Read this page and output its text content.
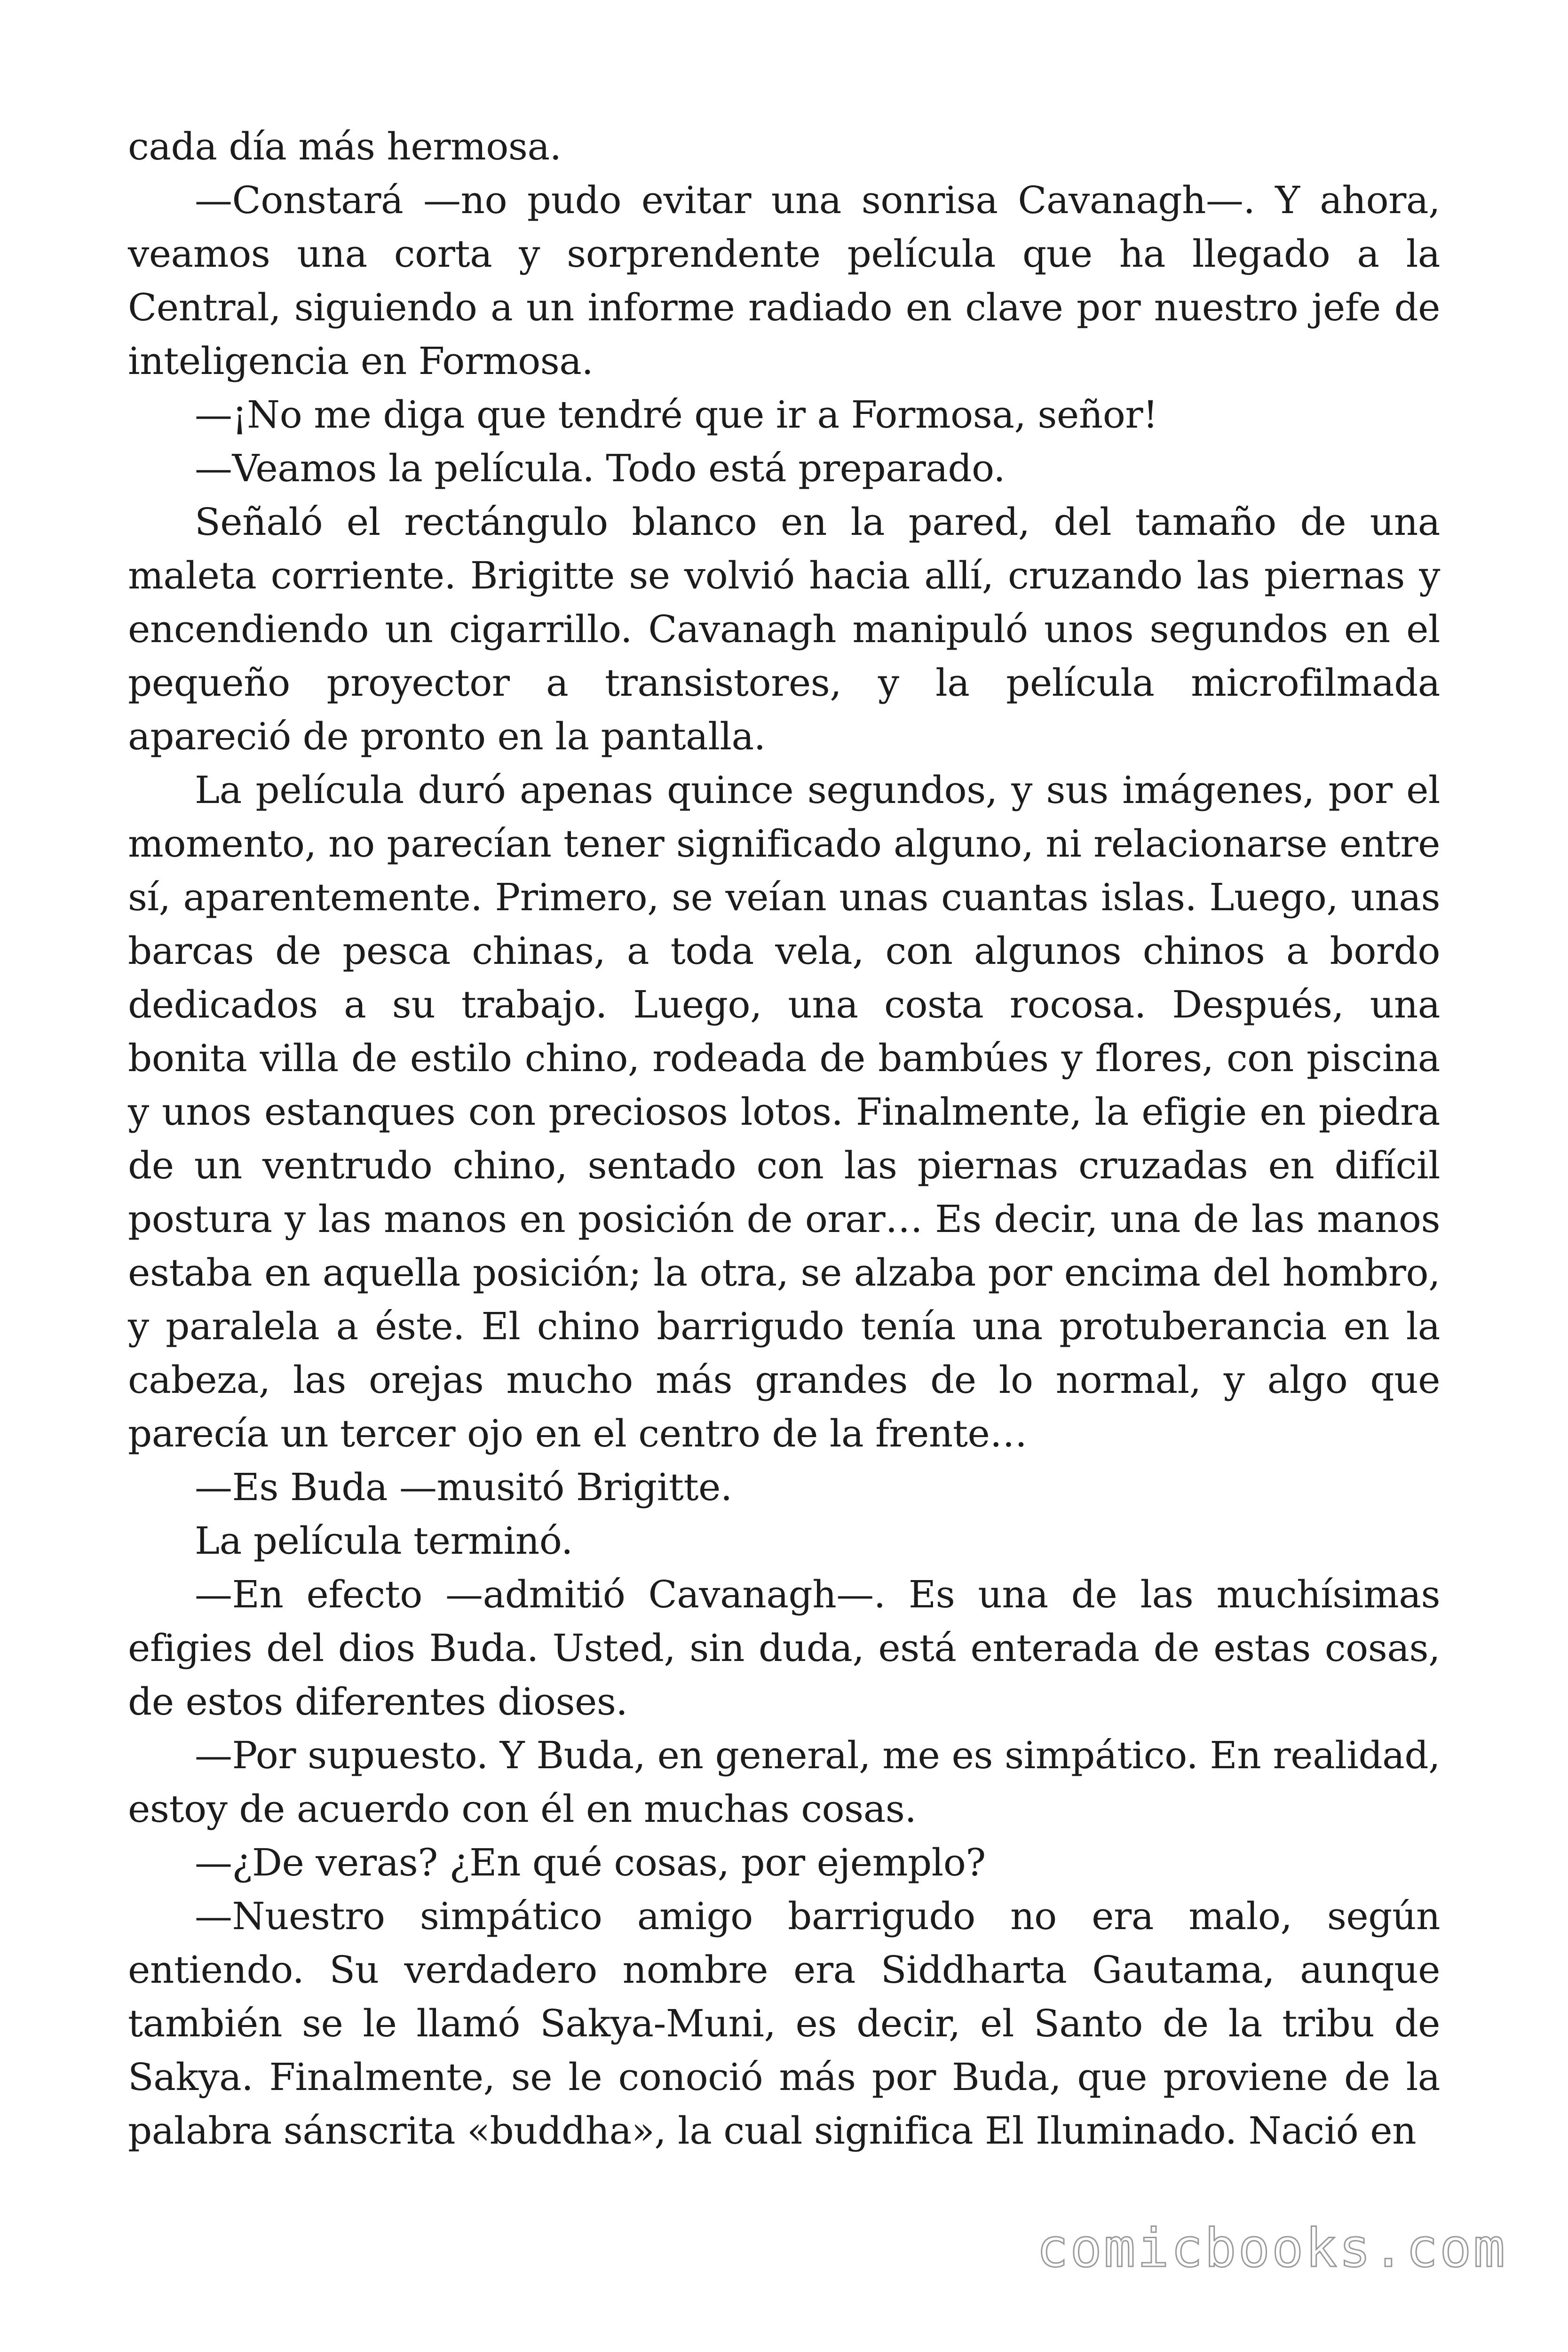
cada día más hermosa.

—Constará —no pudo evitar una sonrisa Cavanagh—. Y ahora, veamos una corta y sorprendente película que ha llegado a la Central, siguiendo a un informe radiado en clave por nuestro jefe de inteligencia en Formosa.

—¡No me diga que tendré que ir a Formosa, señor!

—Veamos la película. Todo está preparado.

Señaló el rectángulo blanco en la pared, del tamaño de una maleta corriente. Brigitte se volvió hacia allí, cruzando las piernas y encendiendo un cigarrillo. Cavanagh manipuló unos segundos en el pequeño proyector a transistores, y la película microfilmada apareció de pronto en la pantalla.

La película duró apenas quince segundos, y sus imágenes, por el momento, no parecían tener significado alguno, ni relacionarse entre sí, aparentemente. Primero, se veían unas cuantas islas. Luego, unas barcas de pesca chinas, a toda vela, con algunos chinos a bordo dedicados a su trabajo. Luego, una costa rocosa. Después, una bonita villa de estilo chino, rodeada de bambúes y flores, con piscina y unos estanques con preciosos lotos. Finalmente, la efigie en piedra de un ventrudo chino, sentado con las piernas cruzadas en difícil postura y las manos en posición de orar… Es decir, una de las manos estaba en aquella posición; la otra, se alzaba por encima del hombro, y paralela a éste. El chino barrigudo tenía una protuberancia en la cabeza, las orejas mucho más grandes de lo normal, y algo que parecía un tercer ojo en el centro de la frente…

—Es Buda —musitó Brigitte.

La película terminó.

—En efecto —admitió Cavanagh—. Es una de las muchísimas efigies del dios Buda. Usted, sin duda, está enterada de estas cosas, de estos diferentes dioses.

—Por supuesto. Y Buda, en general, me es simpático. En realidad, estoy de acuerdo con él en muchas cosas.

—¿De veras? ¿En qué cosas, por ejemplo?

—Nuestro simpático amigo barrigudo no era malo, según entiendo. Su verdadero nombre era Siddharta Gautama, aunque también se le llamó Sakya-Muni, es decir, el Santo de la tribu de Sakya. Finalmente, se le conoció más por Buda, que proviene de la palabra sánscrita «buddha», la cual significa El Iluminado. Nació en

comicbooks.com
